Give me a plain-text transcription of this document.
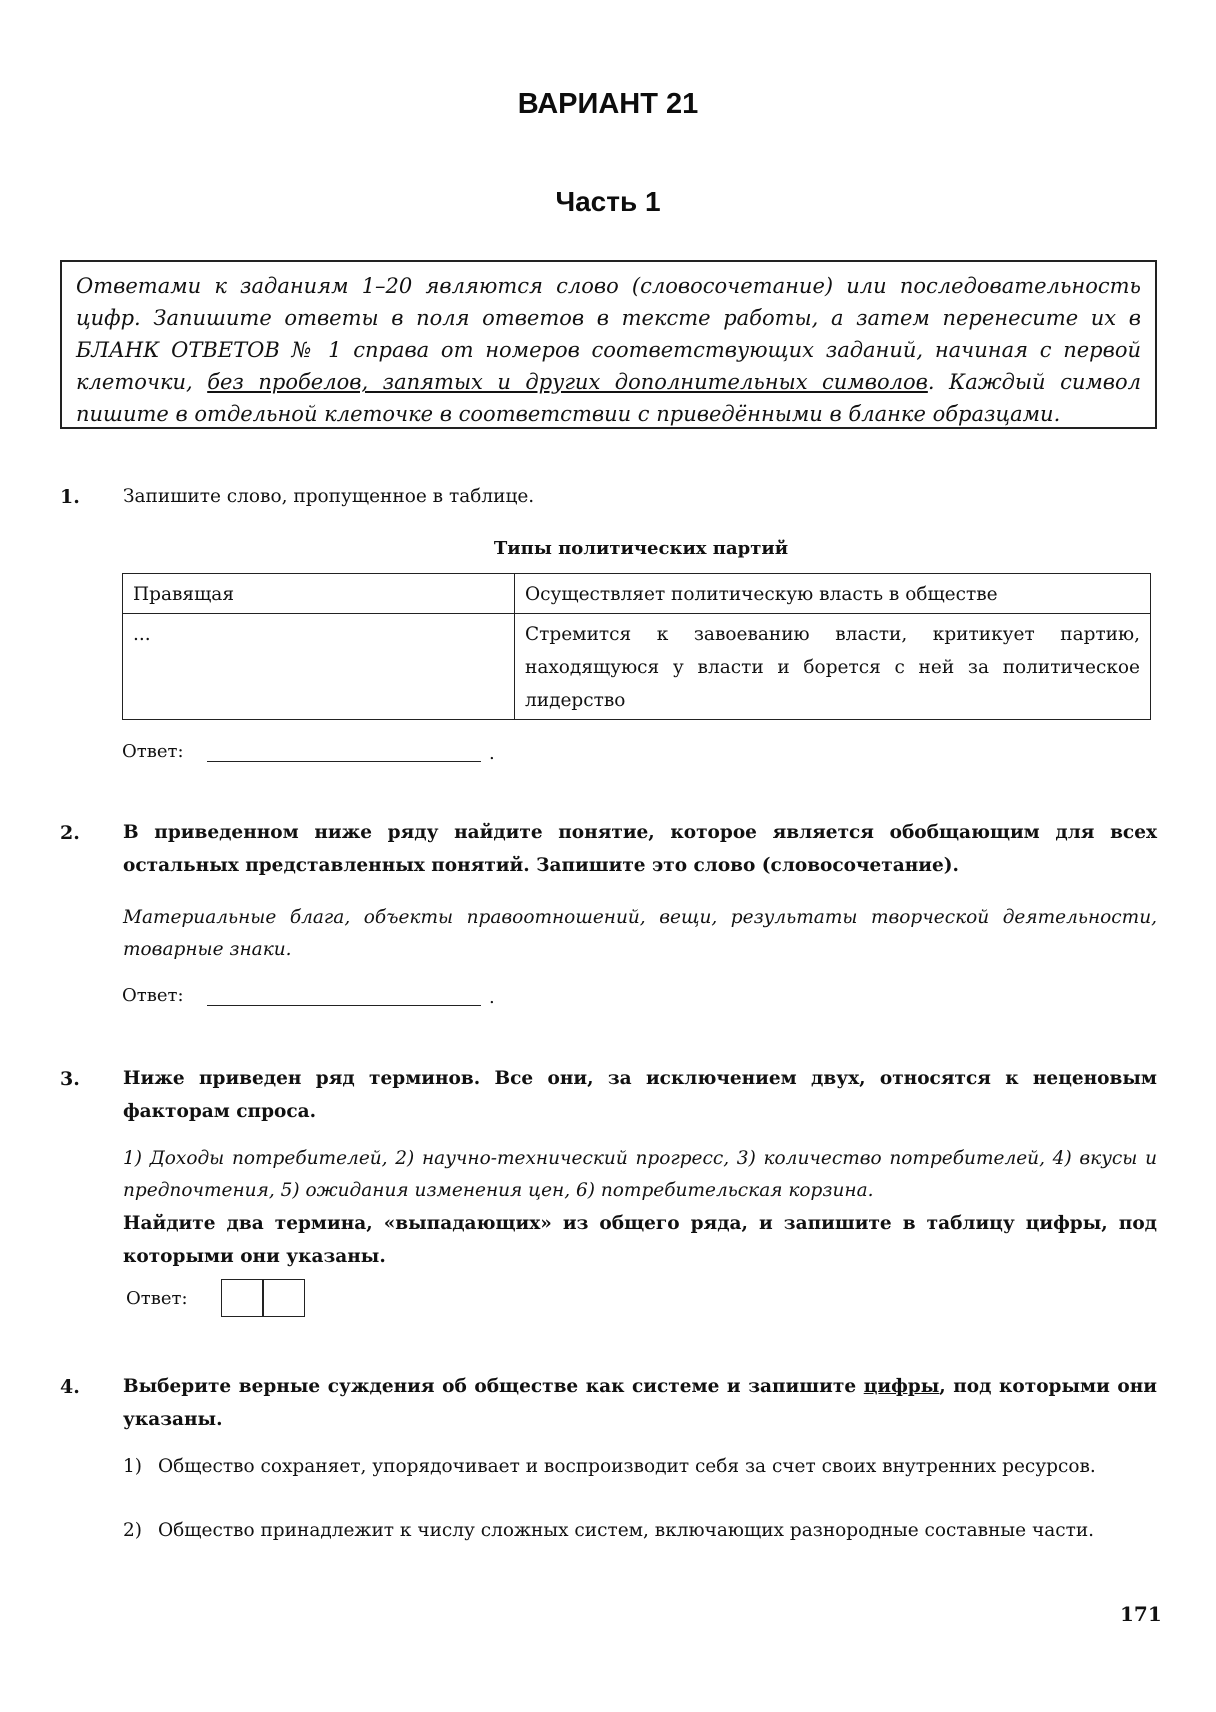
ВАРИАНТ 21
Часть 1
Ответами к заданиям 1–20 являются слово (словосочетание) или последовательность цифр. Запишите ответы в поля ответов в тексте работы, а затем перенесите их в БЛАНК ОТВЕТОВ № 1 справа от номеров соответствующих заданий, начиная с первой клеточки, без пробелов, запятых и других дополнительных символов. Каждый символ пишите в отдельной клеточке в соответствии с приведёнными в бланке образцами.
1. Запишите слово, пропущенное в таблице.
Типы политических партий
Правящая	Осуществляет политическую власть в обществе
...	Стремится к завоеванию власти, критикует партию, находящуюся у власти и борется с ней за политическое лидерство
Ответ:	.
2. В приведенном ниже ряду найдите понятие, которое является обобщающим для всех остальных представленных понятий. Запишите это слово (словосочетание).
Материальные блага, объекты правоотношений, вещи, результаты творческой деятельности, товарные знаки.
Ответ:	.
3. Ниже приведен ряд терминов. Все они, за исключением двух, относятся к неценовым факторам спроса.
1) Доходы потребителей, 2) научно-технический прогресс, 3) количество потребителей, 4) вкусы и предпочтения, 5) ожидания изменения цен, 6) потребительская корзина.
Найдите два термина, «выпадающих» из общего ряда, и запишите в таблицу цифры, под которыми они указаны.
Ответ:
4. Выберите верные суждения об обществе как системе и запишите цифры, под которыми они указаны.
1) Общество сохраняет, упорядочивает и воспроизводит себя за счет своих внутренних ресурсов.
2) Общество принадлежит к числу сложных систем, включающих разнородные составные части.
171
